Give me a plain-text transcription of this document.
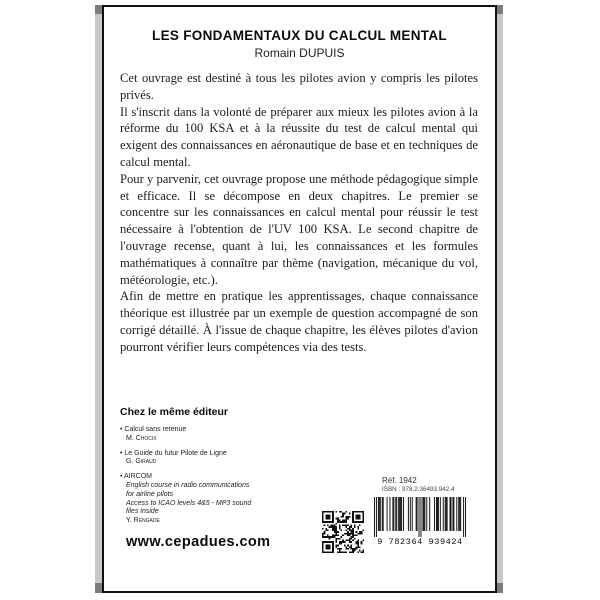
LES FONDAMENTAUX DU CALCUL MENTAL
Romain DUPUIS

Cet ouvrage est destiné à tous les pilotes avion y compris les pilotes privés.

Il s'inscrit dans la volonté de préparer aux mieux les pilotes avion à la réforme du 100 KSA et à la réussite du test de calcul mental qui exigent des connaissances en aéronautique de base et en techniques de calcul mental.

Pour y parvenir, cet ouvrage propose une méthode pédagogique simple et efficace. Il se décompose en deux chapitres. Le premier se concentre sur les connaissances en calcul mental pour réussir le test nécessaire à l'obtention de l'UV 100 KSA. Le second chapitre de l'ouvrage recense, quant à lui, les connaissances et les formules mathématiques à connaître par thème (navigation, mécanique du vol, météorologie, etc.).

Afin de mettre en pratique les apprentissages, chaque connaissance théorique est illustrée par un exemple de question accompagné de son corrigé détaillé. À l'issue de chaque chapitre, les élèves pilotes d'avion pourront vérifier leurs compétences via des tests.

Chez le même éditeur
• Calcul sans retenue
M. Chocix
• Le Guide du futur Pilote de Ligne
G. Giraud
• AIRCOM
English course in radio communications
for airline pilots
Access to ICAO levels 4&5 - MP3 sound
files inside
Y. Rengade
www.cepadues.com
Réf. 1942
ISBN : 978.2.36493.942.4
9 782364 939424
